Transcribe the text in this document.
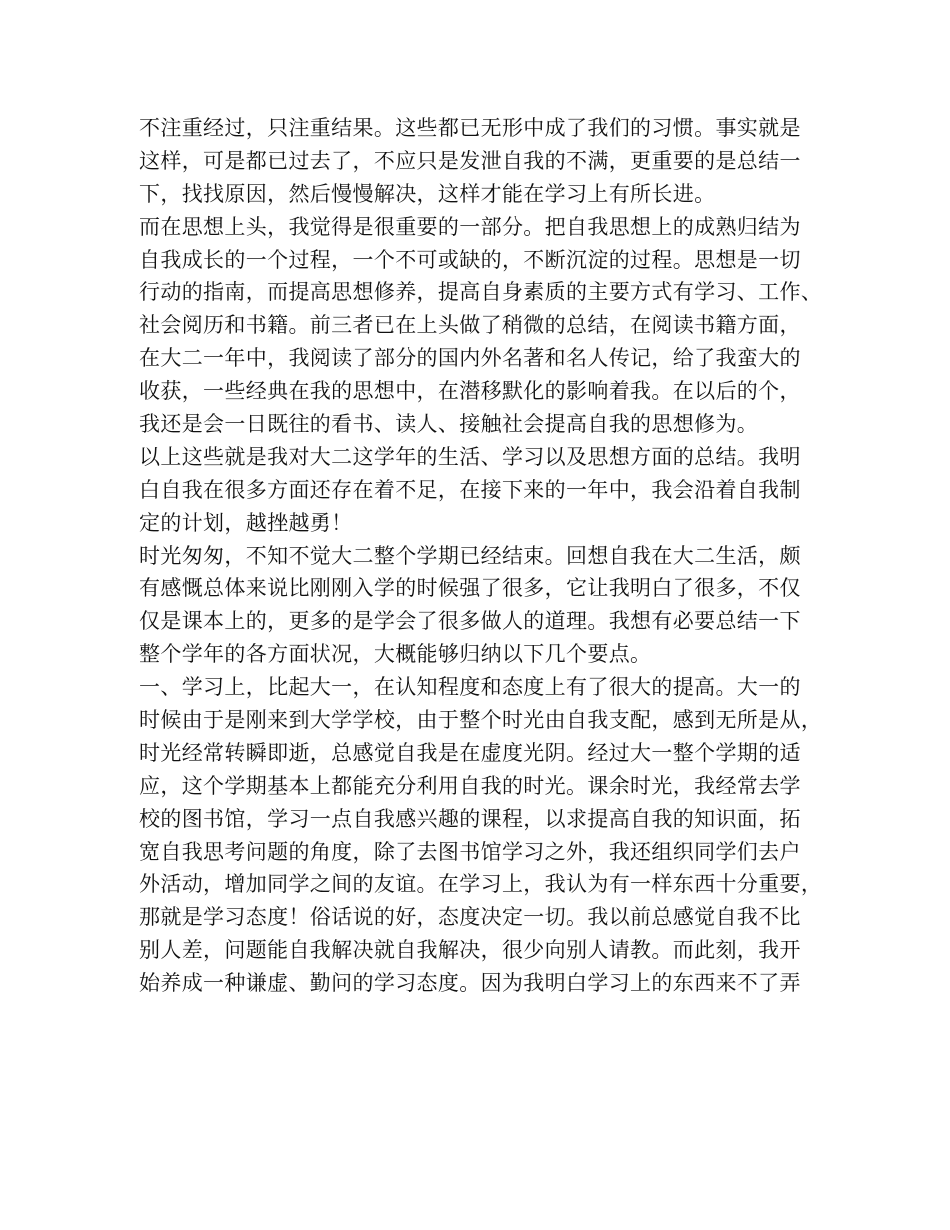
不注重经过，只注重结果。这些都已无形中成了我们的习惯。事实就是
这样，可是都已过去了，不应只是发泄自我的不满，更重要的是总结一
下，找找原因，然后慢慢解决，这样才能在学习上有所长进。
而在思想上头，我觉得是很重要的一部分。把自我思想上的成熟归结为
自我成长的一个过程，一个不可或缺的，不断沉淀的过程。思想是一切
行动的指南，而提高思想修养，提高自身素质的主要方式有学习、工作、
社会阅历和书籍。前三者已在上头做了稍微的总结，在阅读书籍方面，
在大二一年中，我阅读了部分的国内外名著和名人传记，给了我蛮大的
收获，一些经典在我的思想中，在潜移默化的影响着我。在以后的个，
我还是会一日既往的看书、读人、接触社会提高自我的思想修为。
以上这些就是我对大二这学年的生活、学习以及思想方面的总结。我明
白自我在很多方面还存在着不足，在接下来的一年中，我会沿着自我制
定的计划，越挫越勇！
时光匆匆，不知不觉大二整个学期已经结束。回想自我在大二生活，颇
有感慨总体来说比刚刚入学的时候强了很多，它让我明白了很多，不仅
仅是课本上的，更多的是学会了很多做人的道理。我想有必要总结一下
整个学年的各方面状况，大概能够归纳以下几个要点。
一、学习上，比起大一，在认知程度和态度上有了很大的提高。大一的
时候由于是刚来到大学学校，由于整个时光由自我支配，感到无所是从，
时光经常转瞬即逝，总感觉自我是在虚度光阴。经过大一整个学期的适
应，这个学期基本上都能充分利用自我的时光。课余时光，我经常去学
校的图书馆，学习一点自我感兴趣的课程，以求提高自我的知识面，拓
宽自我思考问题的角度，除了去图书馆学习之外，我还组织同学们去户
外活动，增加同学之间的友谊。在学习上，我认为有一样东西十分重要，
那就是学习态度！俗话说的好，态度决定一切。我以前总感觉自我不比
别人差，问题能自我解决就自我解决，很少向别人请教。而此刻，我开
始养成一种谦虚、勤问的学习态度。因为我明白学习上的东西来不了弄
